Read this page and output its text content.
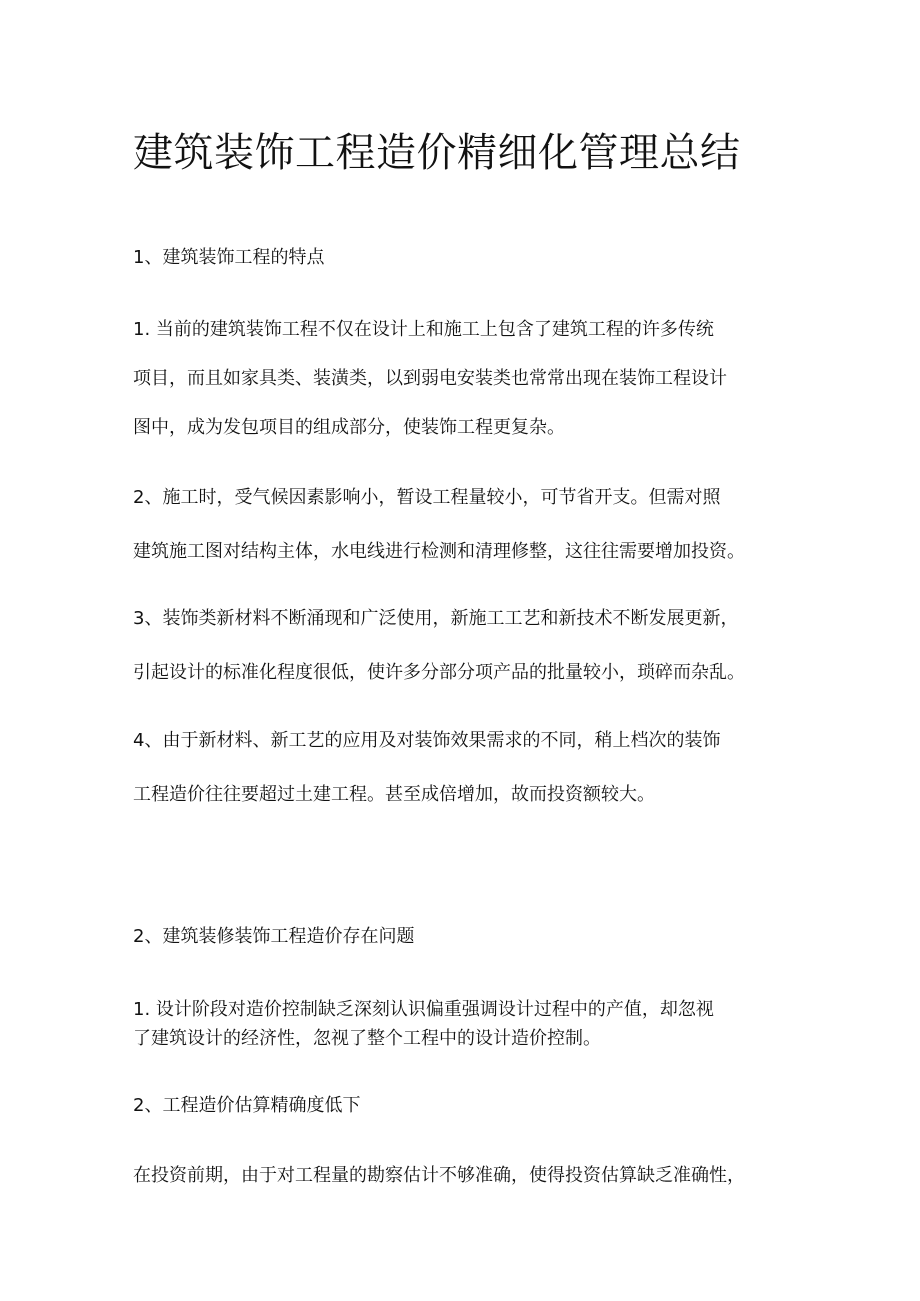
建筑装饰工程造价精细化管理总结

1、建筑装饰工程的特点

1. 当前的建筑装饰工程不仅在设计上和施工上包含了建筑工程的许多传统
项目，而且如家具类、装潢类，以到弱电安装类也常常出现在装饰工程设计
图中，成为发包项目的组成部分，使装饰工程更复杂。

2、施工时，受气候因素影响小，暂设工程量较小，可节省开支。但需对照
建筑施工图对结构主体，水电线进行检测和清理修整，这往往需要增加投资。

3、装饰类新材料不断涌现和广泛使用，新施工工艺和新技术不断发展更新，
引起设计的标准化程度很低，使许多分部分项产品的批量较小，琐碎而杂乱。

4、由于新材料、新工艺的应用及对装饰效果需求的不同，稍上档次的装饰
工程造价往往要超过土建工程。甚至成倍增加，故而投资额较大。

2、建筑装修装饰工程造价存在问题

1. 设计阶段对造价控制缺乏深刻认识偏重强调设计过程中的产值，却忽视
了建筑设计的经济性，忽视了整个工程中的设计造价控制。

2、工程造价估算精确度低下

在投资前期，由于对工程量的勘察估计不够准确，使得投资估算缺乏准确性，
